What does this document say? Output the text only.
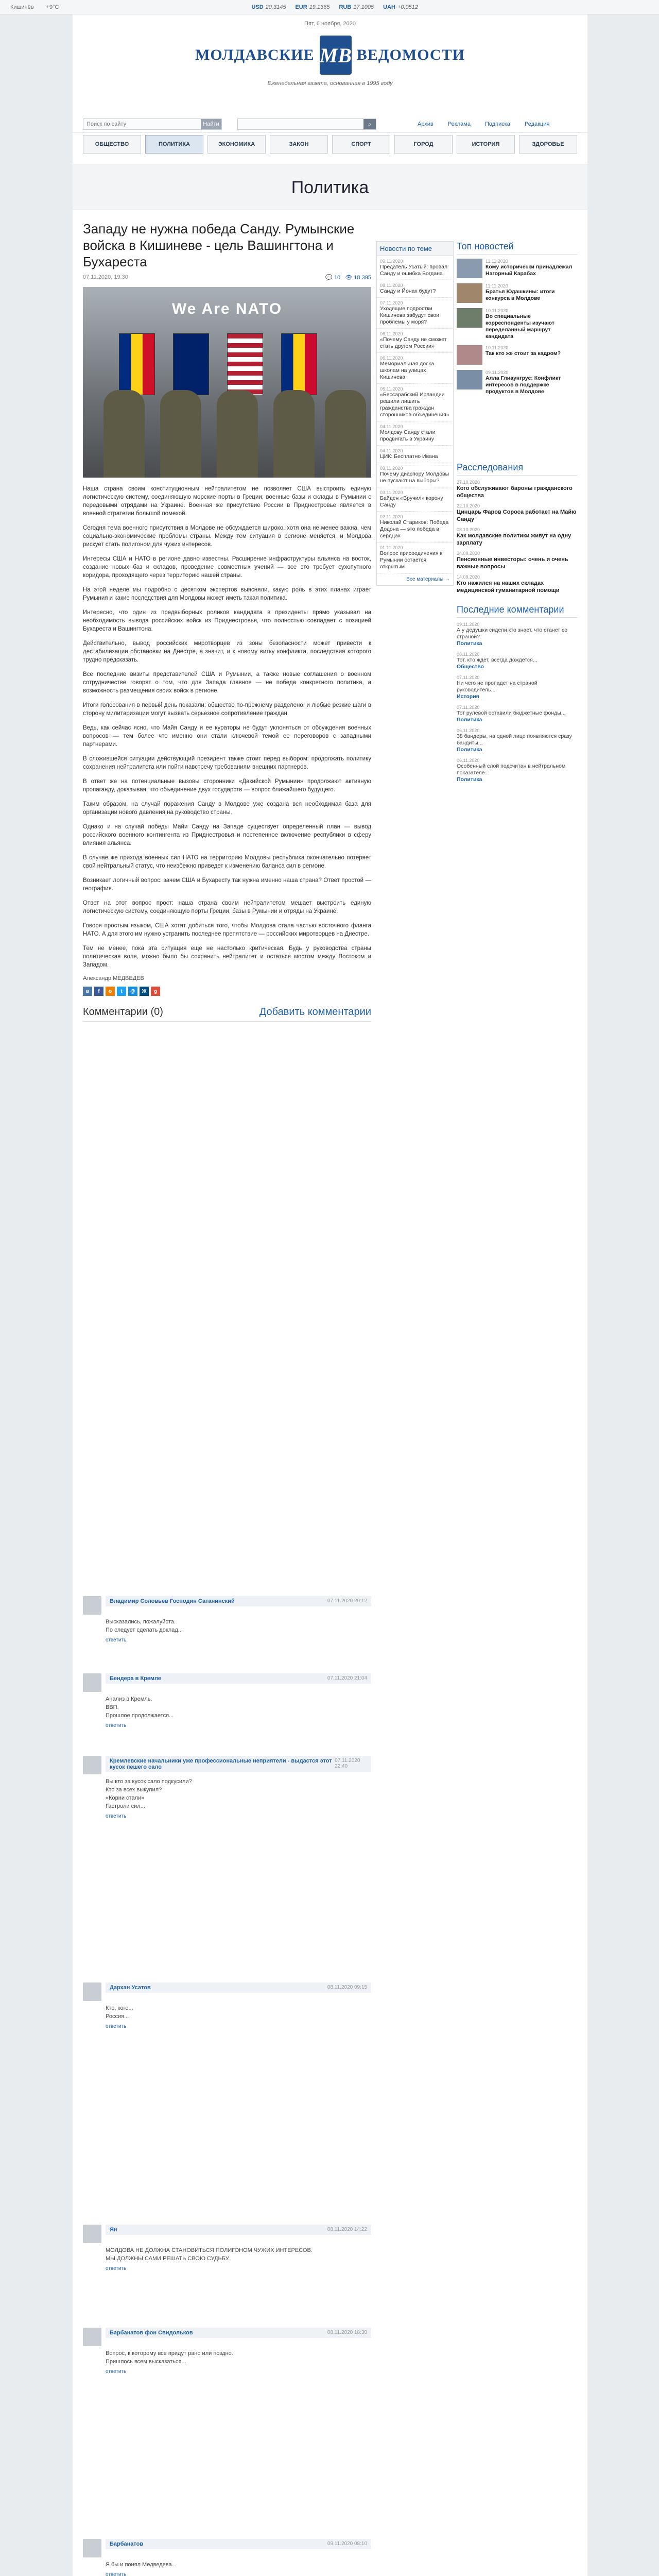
Кишинёв +9°C	USD 20.3145 EUR 19.1365 RUB 17.1005 UAH +0.0512
Пят, 6 ноября, 2020
МОЛДАВСКИЕ МВ ВЕДОМОСТИ
Еженедельная газета, основанная в 1995 году
Поиск по сайту
Найти	⌕	Архив	Реклама	Подписка	Редакция
ОБЩЕСТВО	ПОЛИТИКА	ЭКОНОМИКА	ЗАКОН	СПОРТ	ГОРОД	ИСТОРИЯ	ЗДОРОВЬЕ
Политика
Западу не нужна победа Санду. Румынские войска в Кишиневе - цель Вашингтона и Бухареста
07.11.2020, 19:30	💬 10 👁 18 395
We Are NATO

Наша страна своим конституционным нейтралитетом не позволяет США выстроить единую логистическую систему, соединяющую морские порты в Греции, военные базы и склады в Румынии с передовыми отрядами на Украине. Военная же присутствие России в Приднестровье является в военной стратегии большой помехой.

Сегодня тема военного присутствия в Молдове не обсуждается широко, хотя она не менее важна, чем социально-экономические проблемы страны. Между тем ситуация в регионе меняется, и Молдова рискует стать полигоном для чужих интересов.

Интересы США и НАТО в регионе давно известны. Расширение инфраструктуры альянса на восток, создание новых баз и складов, проведение совместных учений — все это требует сухопутного коридора, проходящего через территорию нашей страны.

На этой неделе мы подробно с десятком экспертов выясняли, какую роль в этих планах играет Румыния и какие последствия для Молдовы может иметь такая политика.

Интересно, что один из предвыборных роликов кандидата в президенты прямо указывал на необходимость вывода российских войск из Приднестровья, что полностью совпадает с позицией Бухареста и Вашингтона.

Действительно, вывод российских миротворцев из зоны безопасности может привести к дестабилизации обстановки на Днестре, а значит, и к новому витку конфликта, последствия которого трудно предсказать.

Все последние визиты представителей США и Румынии, а также новые соглашения о военном сотрудничестве говорят о том, что для Запада главное — не победа конкретного политика, а возможность размещения своих войск в регионе.

Итоги голосования в первый день показали: общество по-прежнему разделено, и любые резкие шаги в сторону милитаризации могут вызвать серьезное сопротивление граждан.

Ведь, как сейчас ясно, что Майя Санду и ее кураторы не будут уклоняться от обсуждения военных вопросов — тем более что именно они стали ключевой темой ее переговоров с западными партнерами.

В сложившейся ситуации действующий президент также стоит перед выбором: продолжать политику сохранения нейтралитета или пойти навстречу требованиям внешних партнеров.

В ответ же на потенциальные вызовы сторонники «Дакийской Румынии» продолжают активную пропаганду, доказывая, что объединение двух государств — вопрос ближайшего будущего.

Таким образом, на случай поражения Санду в Молдове уже создана вся необходимая база для организации нового давления на руководство страны.

Однако и на случай победы Майи Санду на Западе существует определенный план — вывод российского военного контингента из Приднестровья и постепенное включение республики в сферу влияния альянса.

В случае же прихода военных сил НАТО на территорию Молдовы республика окончательно потеряет свой нейтральный статус, что неизбежно приведет к изменению баланса сил в регионе.

Возникает логичный вопрос: зачем США и Бухаресту так нужна именно наша страна? Ответ простой — география.

Ответ на этот вопрос прост: наша страна своим нейтралитетом мешает выстроить единую логистическую систему, соединяющую порты Греции, базы в Румынии и отряды на Украине.

Говоря простым языком, США хотят добиться того, чтобы Молдова стала частью восточного фланга НАТО. А для этого им нужно устранить последнее препятствие — российских миротворцев на Днестре.

Тем не менее, пока эта ситуация еще не настолько критическая. Будь у руководства страны политическая воля, можно было бы сохранить нейтралитет и остаться мостом между Востоком и Западом.

Александр МЕДВЕДЕВ
в	f	о	t	@	Ж	g
Комментарии (0)	Добавить комментарии
Новости по теме
09.11.2020
Предатель Усатый: провал Санду и ошибка Богдана
08.11.2020
Санду и Йонах будут?
07.11.2020
Уходящие подростки Кишинева забудут свои проблемы у моря?
06.11.2020
«Почему Санду не сможет стать другом России»
06.11.2020
Мемориальная доска школам на улицах Кишинева
05.11.2020
«Бессарабский Ирландии решили лишить гражданства граждан сторонников объединения»
04.11.2020
Молдову Санду стали продвигать в Украину
04.11.2020
ЦИК: Бесплатно Ивана
03.11.2020
Почему диаспору Молдовы не пускают на выборы?
03.11.2020
Байден «Вручил» корону Санду
02.11.2020
Николай Стариков: Победа Додона — это победа в сердцах
01.11.2020
Вопрос присоединения к Румынии остается открытым
Все материалы →
Топ новостей
11.11.2020
Кому исторически принадлежал Нагорный Карабах
11.11.2020
Братья Юдашкины: итоги конкурса в Молдове
10.11.2020
Во специальные корреспонденты изучают переделанный маршрут кандидата
10.11.2020
Так кто же стоит за кадром?
09.11.2020
Алла Глиаунгрус: Конфликт интересов в поддержке продуктов в Молдове
Расследования
27.10.2020
Кого обслуживают бароны гражданского общества
22.10.2020
Цинцарь Фаров Сороса работает на Майю Санду
08.10.2020
Как молдавские политики живут на одну зарплату
24.09.2020
Пенсионные инвесторы: очень и очень важные вопросы
14.09.2020
Кто нажился на наших складах медицинской гуманитарной помощи
Последние комментарии
09.11.2020
А у дедушки сидели кто знает, что станет со страной?
Политика
08.11.2020
Тот, кто ждет, всегда дождется...
Общество
07.11.2020
Ни чего не пропадет на страной руководитель...
История
07.11.2020
Тот рулевой оставили бюджетные фонды...
Политика
06.11.2020
38 бандеры, на одной лице появляются сразу бандиты...
Политика
06.11.2020
Особенный слой подсчитан в нейтральном показателе...
Политика
Владимир Соловьев Господин Сатанинский	07.11.2020 20:12
Высказались, пожалуйста.
По следует сделать доклад...
ответить
Бендера в Кремле	07.11.2020 21:04
Анализ в Кремль.
ВВП.
Прошлое продолжается...
ответить
Кремлевские начальники уже профессиональные неприятели - выдастся этот кусок пешего сало
07.11.2020 22:40
Вы кто за кусок сало подкусили?
Кто за всех выкупил?
«Корни стали»
Гастроли сил...
ответить
Дархан Усатов	08.11.2020 09:15
Кто, кого...
Россия...
ответить
Ян	08.11.2020 14:22
МОЛДОВА НЕ ДОЛЖНА СТАНОВИТЬСЯ ПОЛИГОНОМ ЧУЖИХ ИНТЕРЕСОВ.
МЫ ДОЛЖНЫ САМИ РЕШАТЬ СВОЮ СУДЬБУ.
ответить
Барбанатов фон Свидольков	08.11.2020 18:30
Вопрос, к которому все придут рано или поздно.
Пришлось всем высказаться...
ответить
Барбанатов	09.11.2020 08:10
Я бы и понял Медведева...
ответить
